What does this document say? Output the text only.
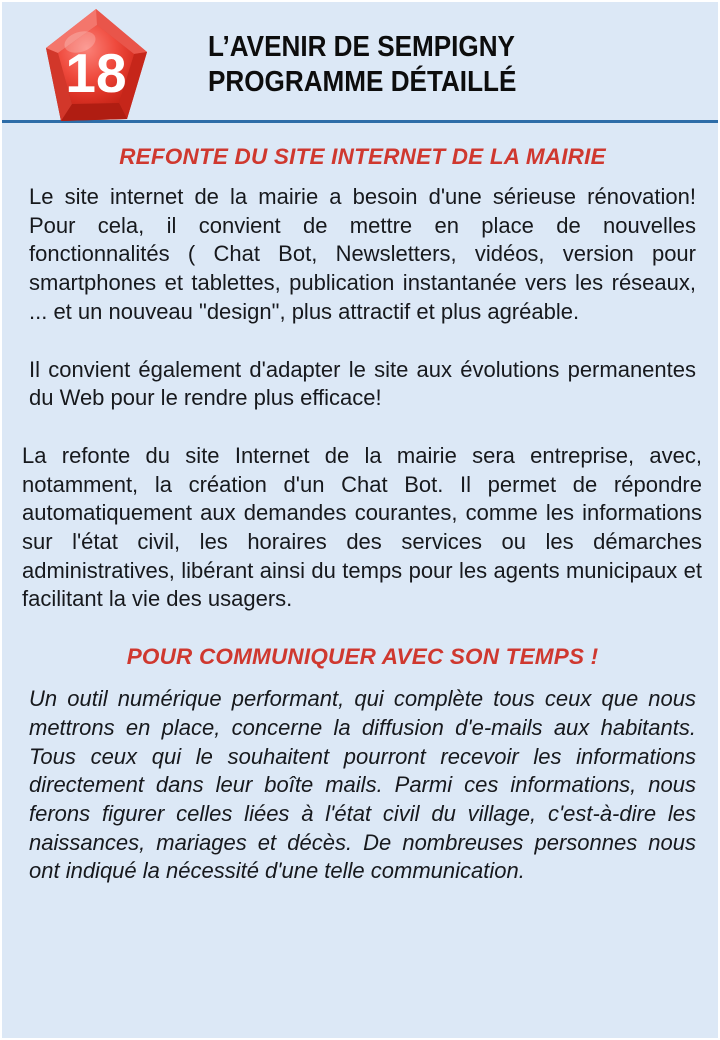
18	L’AVENIR DE SEMPIGNY
PROGRAMME DÉTAILLÉ
REFONTE DU SITE INTERNET DE LA MAIRIE

Le site internet de la mairie a besoin d'une sérieuse rénovation! Pour cela, il convient de mettre en place de nouvelles fonctionnalités ( Chat Bot, Newsletters, vidéos, version pour smartphones et tablettes, publication instantanée vers les réseaux, ... et un nouveau "design", plus attractif et plus agréable.

Il convient également d'adapter le site aux évolutions permanentes du Web pour le rendre plus efficace!

La refonte du site Internet de la mairie sera entreprise, avec, notamment, la création d'un Chat Bot. Il permet de répondre automatiquement aux demandes courantes, comme les informations sur l'état civil, les horaires des services ou les démarches administratives, libérant ainsi du temps pour les agents municipaux et facilitant la vie des usagers.

POUR COMMUNIQUER AVEC SON TEMPS !

Un outil numérique performant, qui complète tous ceux que nous mettrons en place, concerne la diffusion d'e-mails aux habitants. Tous ceux qui le souhaitent pourront recevoir les informations directement dans leur boîte mails. Parmi ces informations, nous ferons figurer celles liées à l'état civil du village, c'est-à-dire les naissances, mariages et décès. De nombreuses personnes nous ont indiqué la nécessité d'une telle communication.
